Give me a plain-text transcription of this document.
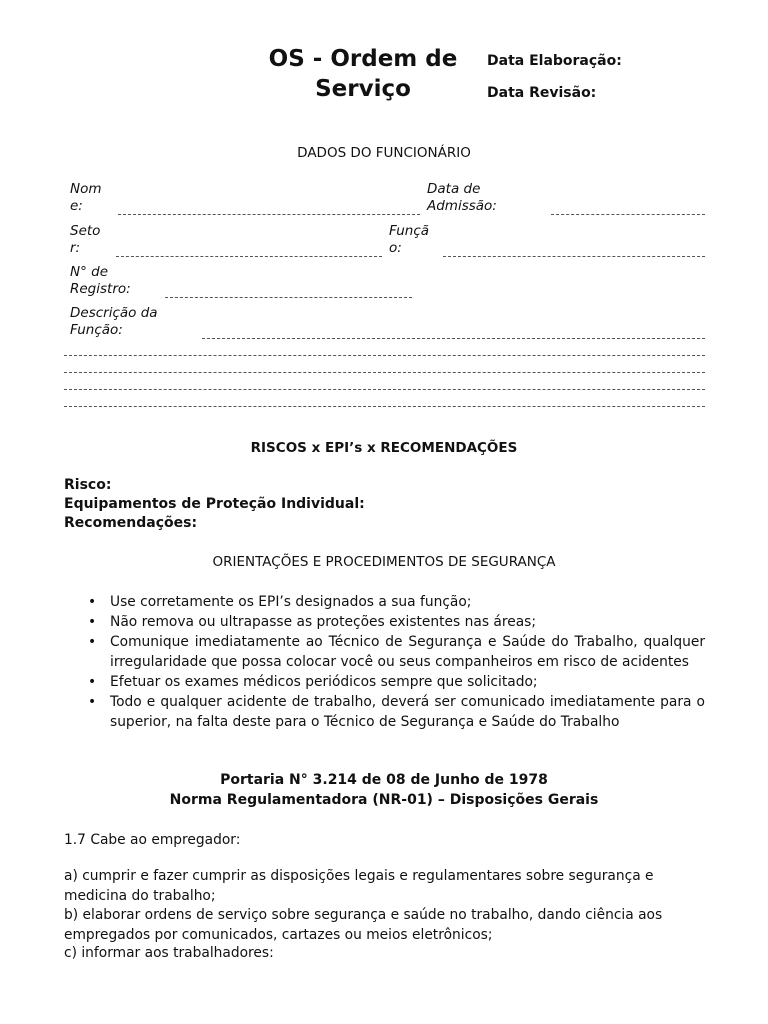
OS - Ordem de Serviço
Data Elaboração:
Data Revisão:
DADOS DO FUNCIONÁRIO
Nom e:
Data de Admissão:
Seto r:
Funçã o:
N° de Registro:
Descrição da Função:
RISCOS x EPI’s x RECOMENDAÇÕES
Risco:
Equipamentos de Proteção Individual:
Recomendações:
ORIENTAÇÕES E PROCEDIMENTOS DE SEGURANÇA
• Use corretamente os EPI’s designados a sua função;
• Não remova ou ultrapasse as proteções existentes nas áreas;
• Comunique imediatamente ao Técnico de Segurança e Saúde do Trabalho, qualquer irregularidade que possa colocar você ou seus companheiros em risco de acidentes
• Efetuar os exames médicos periódicos sempre que solicitado;
• Todo e qualquer acidente de trabalho, deverá ser comunicado imediatamente para o superior, na falta deste para o Técnico de Segurança e Saúde do Trabalho
Portaria N° 3.214 de 08 de Junho de 1978
Norma Regulamentadora (NR-01) – Disposições Gerais
1.7 Cabe ao empregador:
a) cumprir e fazer cumprir as disposições legais e regulamentares sobre segurança e medicina do trabalho;
b) elaborar ordens de serviço sobre segurança e saúde no trabalho, dando ciência aos empregados por comunicados, cartazes ou meios eletrônicos;
c) informar aos trabalhadores:
